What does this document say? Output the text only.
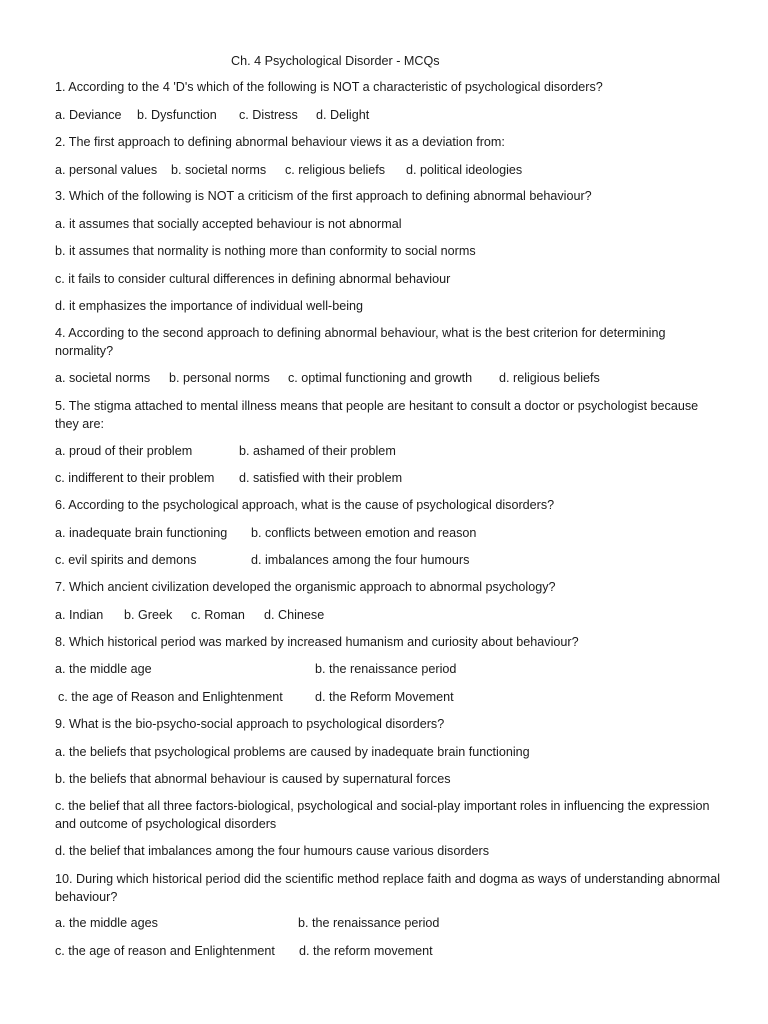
Ch. 4 Psychological Disorder - MCQs
1. According to the 4 'D's which of the following is NOT a characteristic of psychological disorders?
a. Deviance b. Dysfunction c. Distress d. Delight
2. The first approach to defining abnormal behaviour views it as a deviation from:
a. personal values b. societal norms c. religious beliefs d. political ideologies
3. Which of the following is NOT a criticism of the first approach to defining abnormal behaviour?
a. it assumes that socially accepted behaviour is not abnormal
b. it assumes that normality is nothing more than conformity to social norms
c. it fails to consider cultural differences in defining abnormal behaviour
d. it emphasizes the importance of individual well-being
4. According to the second approach to defining abnormal behaviour, what is the best criterion for determining normality?
a. societal norms b. personal norms c. optimal functioning and growth d. religious beliefs
5. The stigma attached to mental illness means that people are hesitant to consult a doctor or psychologist because they are:
a. proud of their problem	b. ashamed of their problem
c. indifferent to their problem d. satisfied with their problem
6. According to the psychological approach, what is the cause of psychological disorders?
a. inadequate brain functioning b. conflicts between emotion and reason
c. evil spirits and demons	d. imbalances among the four humours
7. Which ancient civilization developed the organismic approach to abnormal psychology?
a. Indian b. Greek c. Roman d. Chinese
8. Which historical period was marked by increased humanism and curiosity about behaviour?
a. the middle age	b. the renaissance period
c. the age of Reason and Enlightenment	d. the Reform Movement
9. What is the bio-psycho-social approach to psychological disorders?
a. the beliefs that psychological problems are caused by inadequate brain functioning
b. the beliefs that abnormal behaviour is caused by supernatural forces
c. the belief that all three factors-biological, psychological and social-play important roles in influencing the expression and outcome of psychological disorders
d. the belief that imbalances among the four humours cause various disorders
10. During which historical period did the scientific method replace faith and dogma as ways of understanding abnormal behaviour?
a. the middle ages	b. the renaissance period
c. the age of reason and Enlightenment d. the reform movement
